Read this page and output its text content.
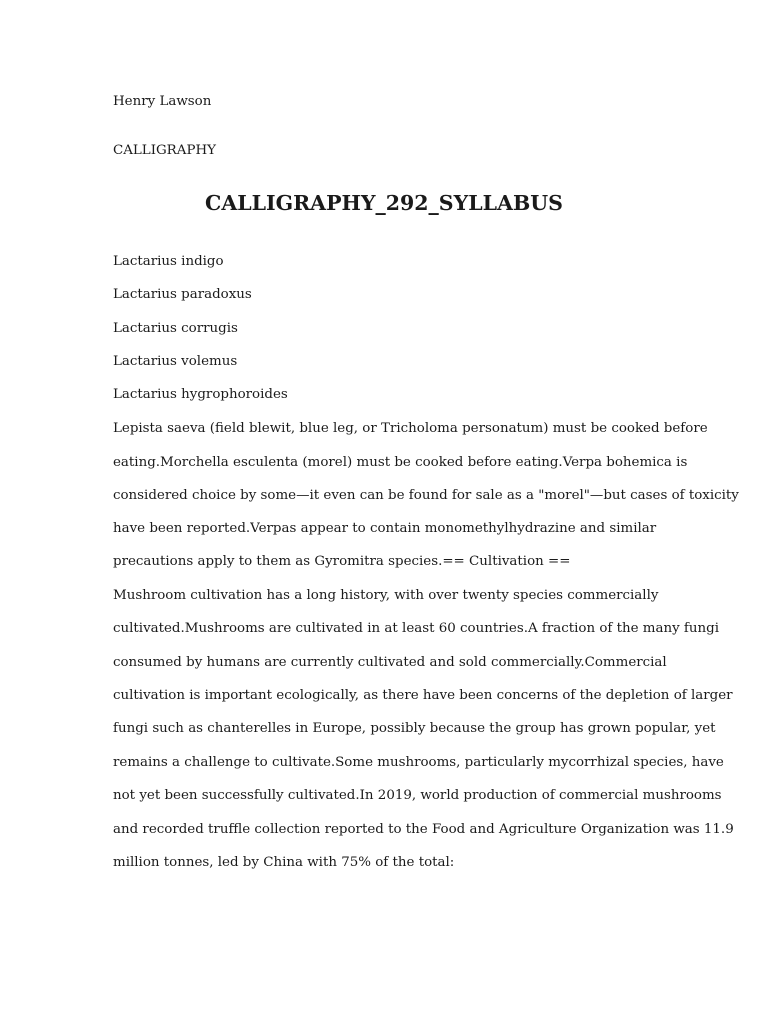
Henry Lawson

CALLIGRAPHY

CALLIGRAPHY_292_SYLLABUS

Lactarius indigo

Lactarius paradoxus

Lactarius corrugis

Lactarius volemus

Lactarius hygrophoroides

Lepista saeva (field blewit, blue leg, or Tricholoma personatum) must be cooked before

eating.Morchella esculenta (morel) must be cooked before eating.Verpa bohemica is

considered choice by some—it even can be found for sale as a "morel"—but cases of toxicity

have been reported.Verpas appear to contain monomethylhydrazine and similar

precautions apply to them as Gyromitra species.== Cultivation ==

Mushroom cultivation has a long history, with over twenty species commercially

cultivated.Mushrooms are cultivated in at least 60 countries.A fraction of the many fungi

consumed by humans are currently cultivated and sold commercially.Commercial

cultivation is important ecologically, as there have been concerns of the depletion of larger

fungi such as chanterelles in Europe, possibly because the group has grown popular, yet

remains a challenge to cultivate.Some mushrooms, particularly mycorrhizal species, have

not yet been successfully cultivated.In 2019, world production of commercial mushrooms

and recorded truffle collection reported to the Food and Agriculture Organization was 11.9

million tonnes, led by China with 75% of the total:
